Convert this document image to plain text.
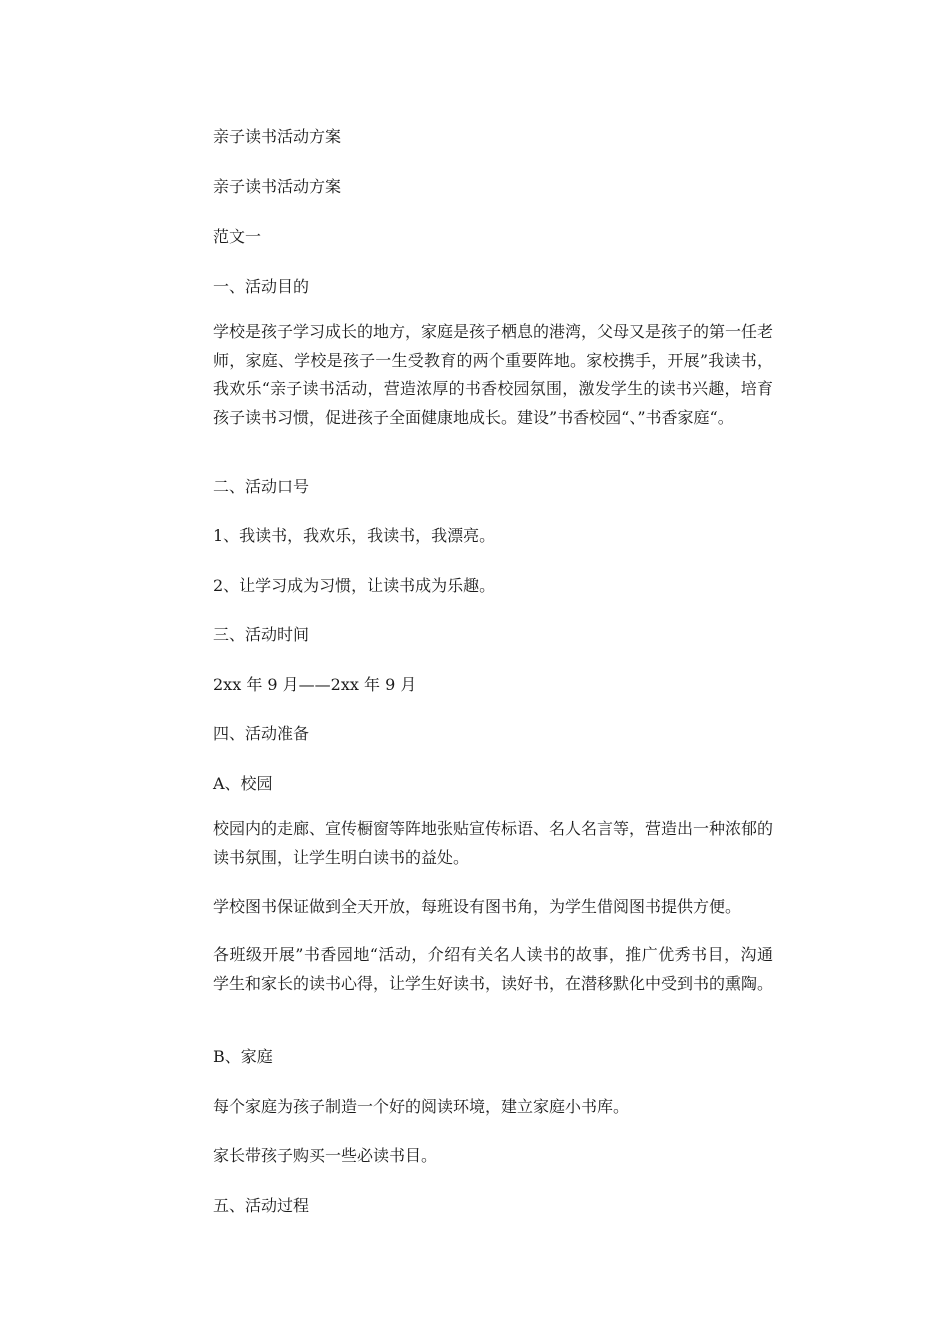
亲子读书活动方案

亲子读书活动方案

范文一

一、活动目的

学校是孩子学习成长的地方，家庭是孩子栖息的港湾，父母又是孩子的第一任老师，家庭、学校是孩子一生受教育的两个重要阵地。家校携手，开展”我读书，我欢乐“亲子读书活动，营造浓厚的书香校园氛围，激发学生的读书兴趣，培育孩子读书习惯，促进孩子全面健康地成长。建设”书香校园“、”书香家庭“。

二、活动口号

1、我读书，我欢乐，我读书，我漂亮。

2、让学习成为习惯，让读书成为乐趣。

三、活动时间

2xx 年 9 月——2xx 年 9 月

四、活动准备

A、校园

校园内的走廊、宣传橱窗等阵地张贴宣传标语、名人名言等，营造出一种浓郁的读书氛围，让学生明白读书的益处。

学校图书保证做到全天开放，每班设有图书角，为学生借阅图书提供方便。

各班级开展”书香园地“活动，介绍有关名人读书的故事，推广优秀书目，沟通学生和家长的读书心得，让学生好读书，读好书，在潜移默化中受到书的熏陶。

B、家庭

每个家庭为孩子制造一个好的阅读环境，建立家庭小书库。

家长带孩子购买一些必读书目。

五、活动过程
